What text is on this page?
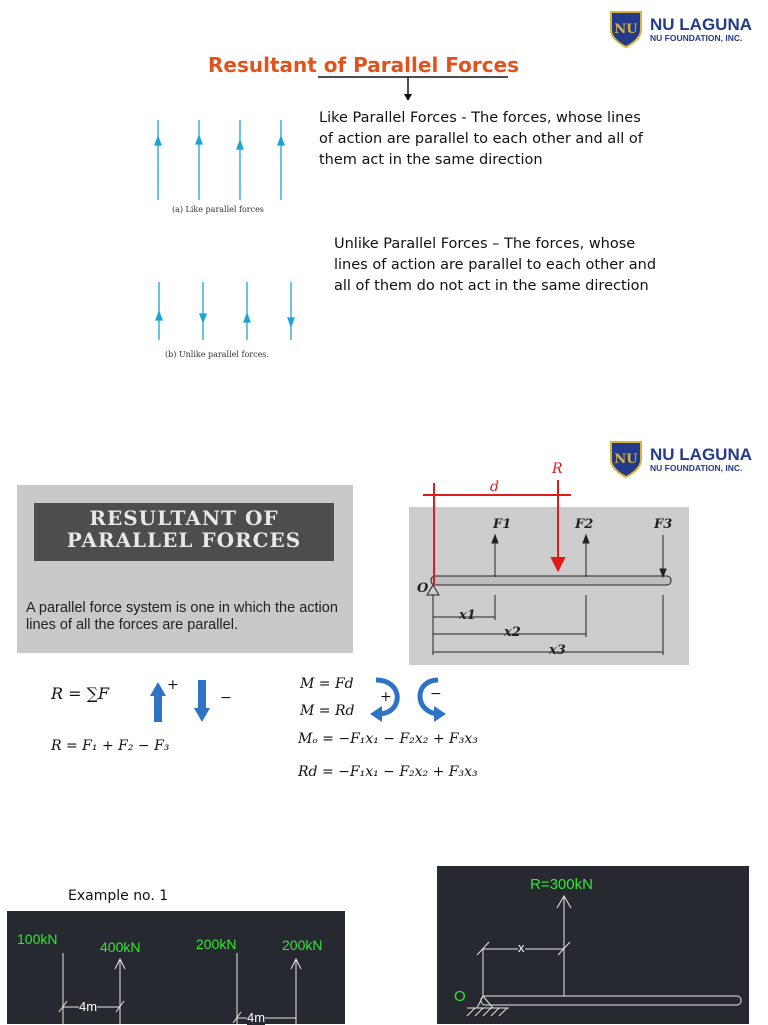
NU NU LAGUNA
NU FOUNDATION, INC.
Resultant of Parallel Forces
(a) Like parallel forces
Like Parallel Forces - The forces, whose lines of action are parallel to each other and all of them act in the same direction
Unlike Parallel Forces – The forces, whose lines of action are parallel to each other and all of them do not act in the same direction
(b) Unlike parallel forces.
NU NU LAGUNA
NU FOUNDATION, INC.
RESULTANT OF
PARALLEL FORCES
A parallel force system is one in which the action lines of all the forces are parallel.
F1	F2	F3
O
x1
x2
x3
R
d
R = ∑F	+
−
R = F₁ + F₂ − F₃
M = Fd
M = Rd
+	−
Mₒ = −F₁x₁ − F₂x₂ + F₃x₃
Rd = −F₁x₁ − F₂x₂ + F₃x₃
Example no. 1
100kN	400kN	200kN	200kN
4m
4m
R=300kN
x
O
